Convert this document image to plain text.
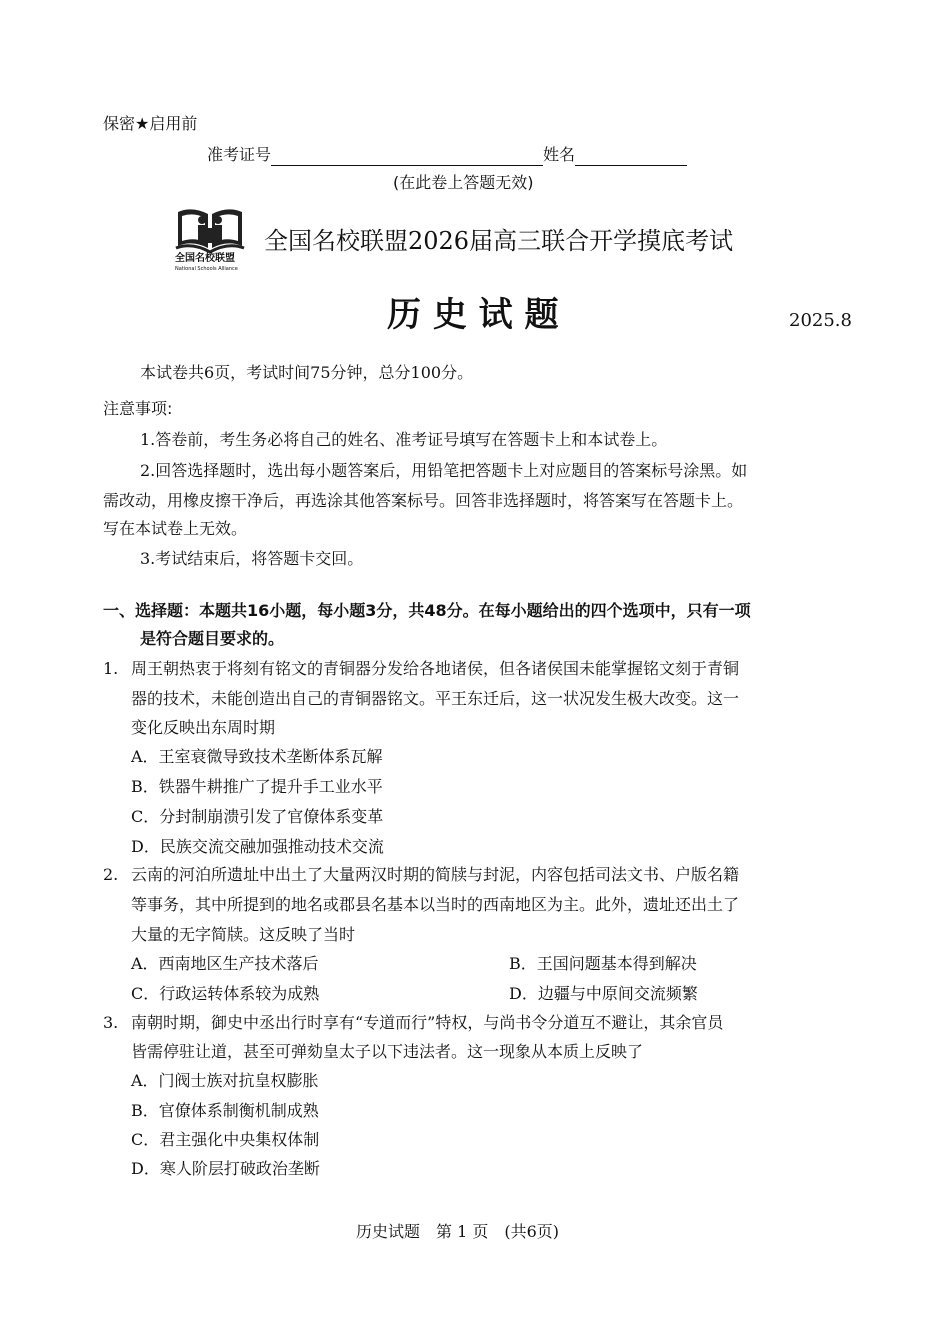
保密★启用前
准考证号	姓名
(在此卷上答题无效)
全国名校联盟
National Schools Alliance
全国名校联盟2026届高三联合开学摸底考试
历 史 试 题	2025.8
本试卷共6页，考试时间75分钟，总分100分。
注意事项:
1.答卷前，考生务必将自己的姓名、准考证号填写在答题卡上和本试卷上。
2.回答选择题时，选出每小题答案后，用铅笔把答题卡上对应题目的答案标号涂黑。如
需改动，用橡皮擦干净后，再选涂其他答案标号。回答非选择题时，将答案写在答题卡上。
写在本试卷上无效。
3.考试结束后，将答题卡交回。
一、选择题：本题共16小题，每小题3分，共48分。在每小题给出的四个选项中，只有一项
是符合题目要求的。
1. 周王朝热衷于将刻有铭文的青铜器分发给各地诸侯，但各诸侯国未能掌握铭文刻于青铜
器的技术，未能创造出自己的青铜器铭文。平王东迁后，这一状况发生极大改变。这一
变化反映出东周时期
A．王室衰微导致技术垄断体系瓦解
B．铁器牛耕推广了提升手工业水平
C．分封制崩溃引发了官僚体系变革
D．民族交流交融加强推动技术交流
2. 云南的河泊所遗址中出土了大量两汉时期的简牍与封泥，内容包括司法文书、户版名籍
等事务，其中所提到的地名或郡县名基本以当时的西南地区为主。此外，遗址还出土了
大量的无字简牍。这反映了当时
A．西南地区生产技术落后	B．王国问题基本得到解决
C．行政运转体系较为成熟	D．边疆与中原间交流频繁
3. 南朝时期，御史中丞出行时享有“专道而行”特权，与尚书令分道互不避让，其余官员
皆需停驻让道，甚至可弹劾皇太子以下违法者。这一现象从本质上反映了
A．门阀士族对抗皇权膨胀
B．官僚体系制衡机制成熟
C．君主强化中央集权体制
D．寒人阶层打破政治垄断
历史试题　第 1 页　(共6页)
